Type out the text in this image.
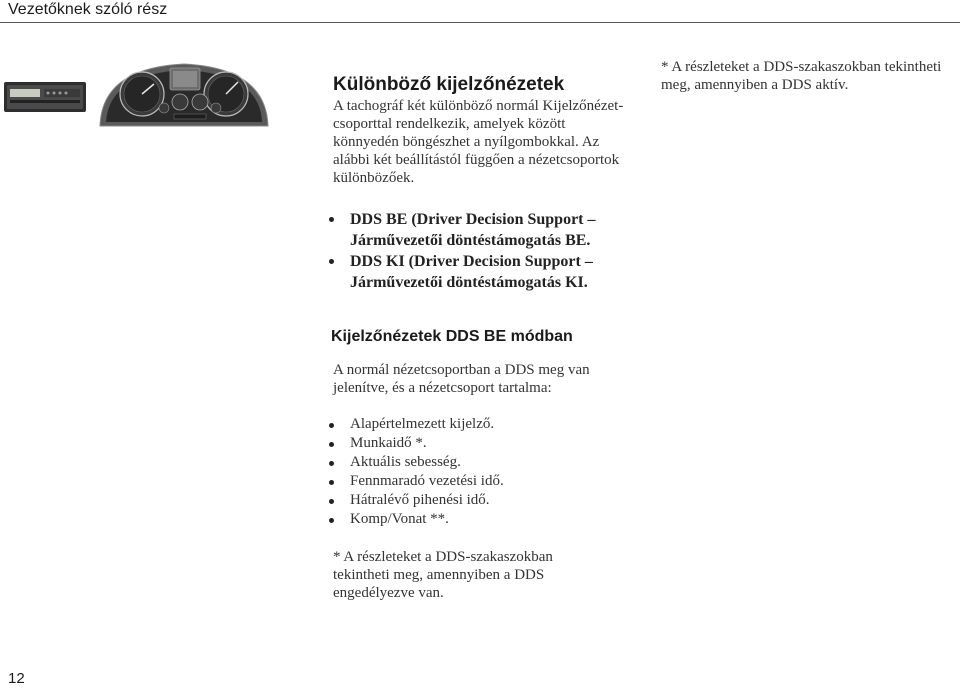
Vezetőknek szóló rész
Különböző kijelzőnézetek

A tachográf két különböző normál Kijelzőnézet-csoporttal rendelkezik, amelyek között könnyedén böngészhet a nyílgombokkal. Az alábbi két beállítástól függően a nézetcsoportok különbözőek.

* A részleteket a DDS-szakaszokban tekintheti meg, amennyiben a DDS aktív.

DDS BE (Driver Decision Support – Járművezetői döntéstámogatás BE.
DDS KI (Driver Decision Support – Járművezetői döntéstámogatás KI.
Kijelzőnézetek DDS BE módban

A normál nézetcsoportban a DDS meg van jelenítve, és a nézetcsoport tartalma:

Alapértelmezett kijelző.
Munkaidő *.
Aktuális sebesség.
Fennmaradó vezetési idő.
Hátralévő pihenési idő.
Komp/Vonat **.

* A részleteket a DDS-szakaszokban tekintheti meg, amennyiben a DDS engedélyezve van.

12
